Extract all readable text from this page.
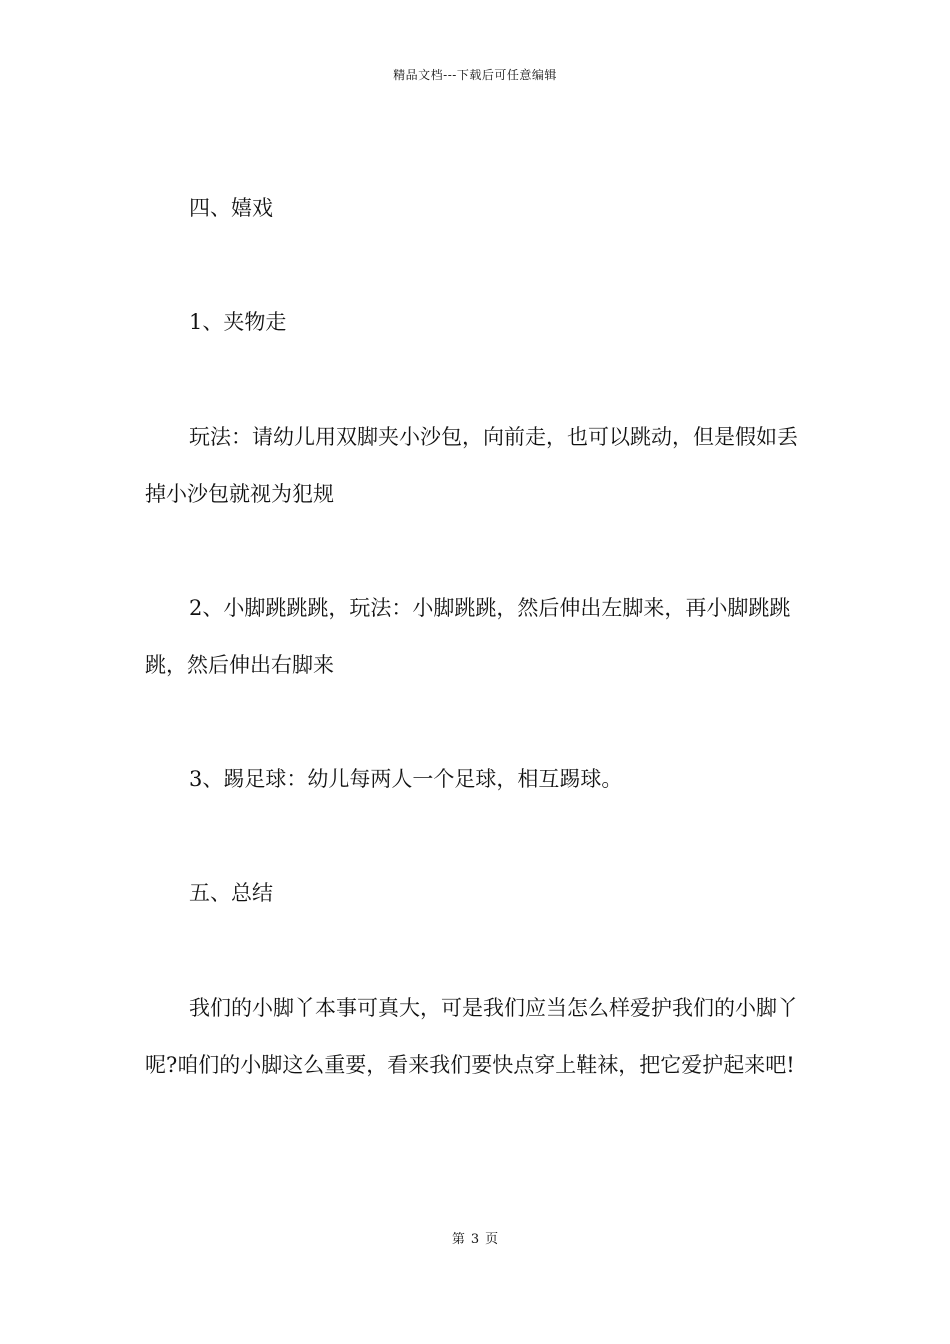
精品文档---下载后可任意编辑

四、嬉戏

1、夹物走

玩法：请幼儿用双脚夹小沙包，向前走，也可以跳动，但是假如丢掉小沙包就视为犯规

2、小脚跳跳跳，玩法：小脚跳跳，然后伸出左脚来，再小脚跳跳跳，然后伸出右脚来

3、踢足球：幼儿每两人一个足球，相互踢球。

五、总结

我们的小脚丫本事可真大，可是我们应当怎么样爱护我们的小脚丫呢?咱们的小脚这么重要，看来我们要快点穿上鞋袜，把它爱护起来吧!

第 3 页
